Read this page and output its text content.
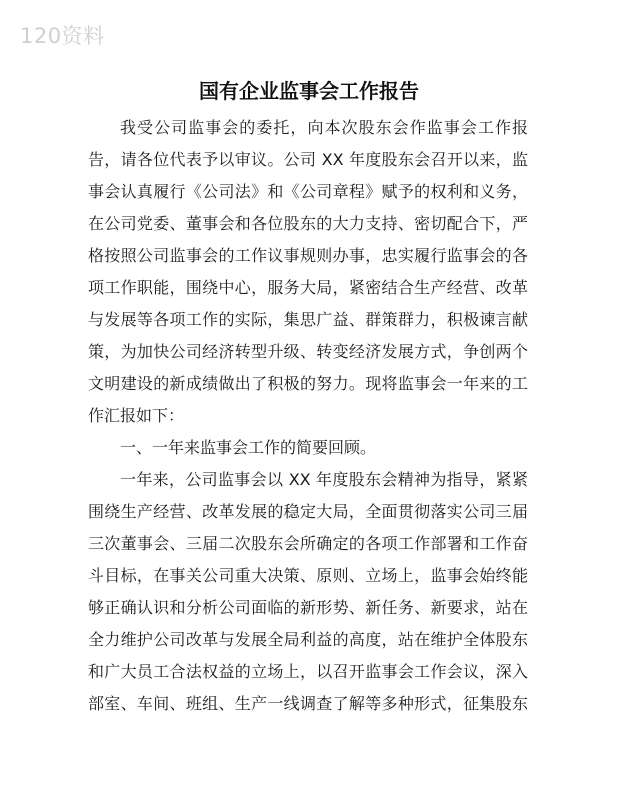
120资料
国有企业监事会工作报告
我受公司监事会的委托，向本次股东会作监事会工作报
告，请各位代表予以审议。公司 XX 年度股东会召开以来，监
事会认真履行《公司法》和《公司章程》赋予的权利和义务，
在公司党委、董事会和各位股东的大力支持、密切配合下，严
格按照公司监事会的工作议事规则办事，忠实履行监事会的各
项工作职能，围绕中心，服务大局，紧密结合生产经营、改革
与发展等各项工作的实际，集思广益、群策群力，积极谏言献
策，为加快公司经济转型升级、转变经济发展方式，争创两个
文明建设的新成绩做出了积极的努力。现将监事会一年来的工
作汇报如下：
一、一年来监事会工作的简要回顾。
一年来，公司监事会以 XX 年度股东会精神为指导，紧紧
围绕生产经营、改革发展的稳定大局，全面贯彻落实公司三届
三次董事会、三届二次股东会所确定的各项工作部署和工作奋
斗目标，在事关公司重大决策、原则、立场上，监事会始终能
够正确认识和分析公司面临的新形势、新任务、新要求，站在
全力维护公司改革与发展全局利益的高度，站在维护全体股东
和广大员工合法权益的立场上，以召开监事会工作会议，深入
部室、车间、班组、生产一线调查了解等多种形式，征集股东
